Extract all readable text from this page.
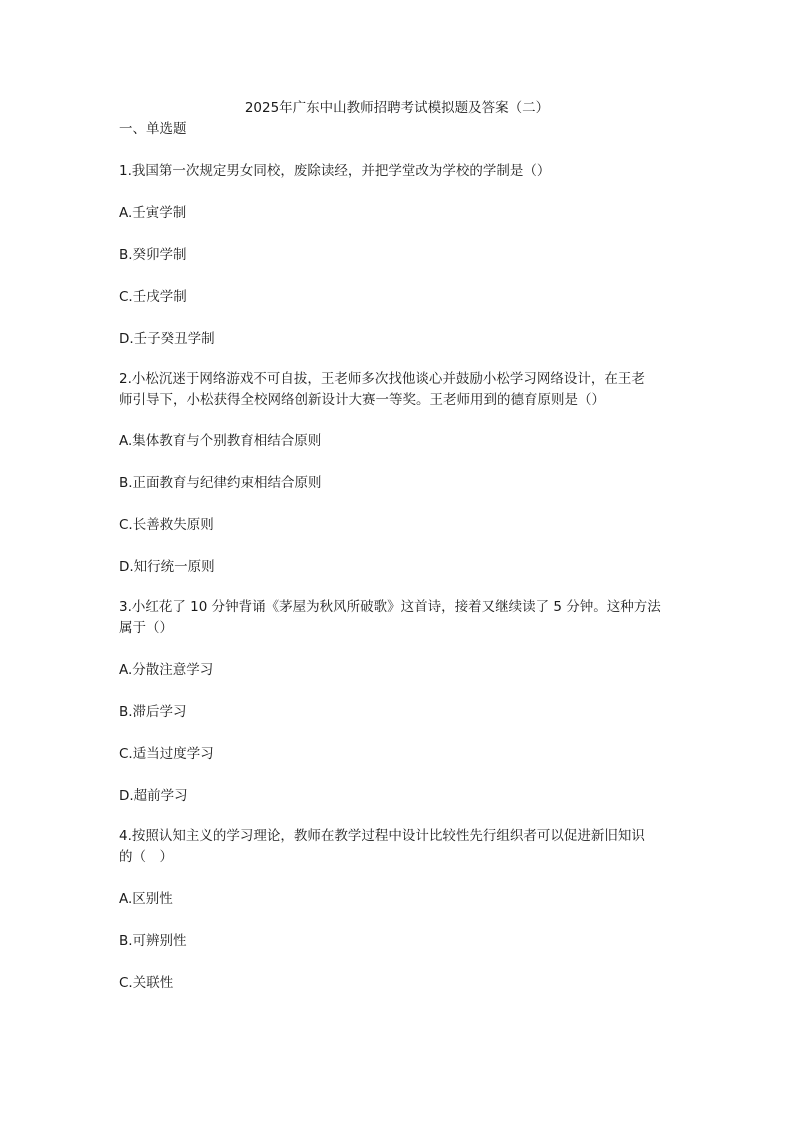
2025年广东中山教师招聘考试模拟题及答案（二）
一、单选题
1.我国第一次规定男女同校，废除读经，并把学堂改为学校的学制是（）
A.壬寅学制
B.癸卯学制
C.壬戌学制
D.壬子癸丑学制
2.小松沉迷于网络游戏不可自拔，王老师多次找他谈心并鼓励小松学习网络设计，在王老
师引导下，小松获得全校网络创新设计大赛一等奖。王老师用到的德育原则是（）
A.集体教育与个别教育相结合原则
B.正面教育与纪律约束相结合原则
C.长善救失原则
D.知行统一原则
3.小红花了 10 分钟背诵《茅屋为秋风所破歌》这首诗，接着又继续读了 5 分钟。这种方法
属于（）
A.分散注意学习
B.滞后学习
C.适当过度学习
D.超前学习
4.按照认知主义的学习理论，教师在教学过程中设计比较性先行组织者可以促进新旧知识
的（　）
A.区别性
B.可辨别性
C.关联性
